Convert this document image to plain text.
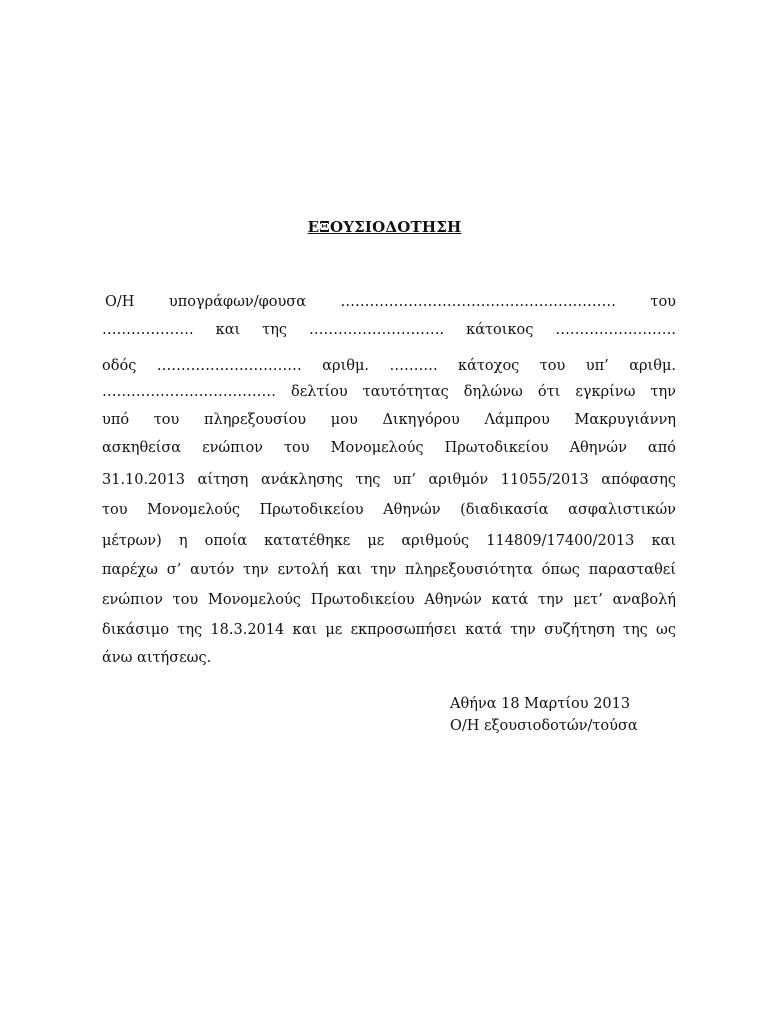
ΕΞΟΥΣΙΟΔΟΤΗΣΗ
Ο/Η υπογράφων/φουσα ………………………………………………… του
………………. και της ………………………. κάτοικος …………………….
οδός ………………………… αριθμ. ………. κάτοχος του υπ’ αριθμ.
……………………………… δελτίου ταυτότητας δηλώνω ότι εγκρίνω την
υπό του πληρεξουσίου μου Δικηγόρου Λάμπρου Μακρυγιάννη
ασκηθείσα ενώπιον του Μονομελούς Πρωτοδικείου Αθηνών από
31.10.2013 αίτηση ανάκλησης της υπ’ αριθμόν 11055/2013 απόφασης
του Μονομελούς Πρωτοδικείου Αθηνών (διαδικασία ασφαλιστικών
μέτρων) η οποία κατατέθηκε με αριθμούς 114809/17400/2013 και
παρέχω σ’ αυτόν την εντολή και την πληρεξουσιότητα όπως παρασταθεί
ενώπιον του Μονομελούς Πρωτοδικείου Αθηνών κατά την μετ’ αναβολή
δικάσιμο της 18.3.2014 και με εκπροσωπήσει κατά την συζήτηση της ως
άνω αιτήσεως.
Αθήνα 18 Μαρτίου 2013
Ο/Η εξουσιοδοτών/τούσα
